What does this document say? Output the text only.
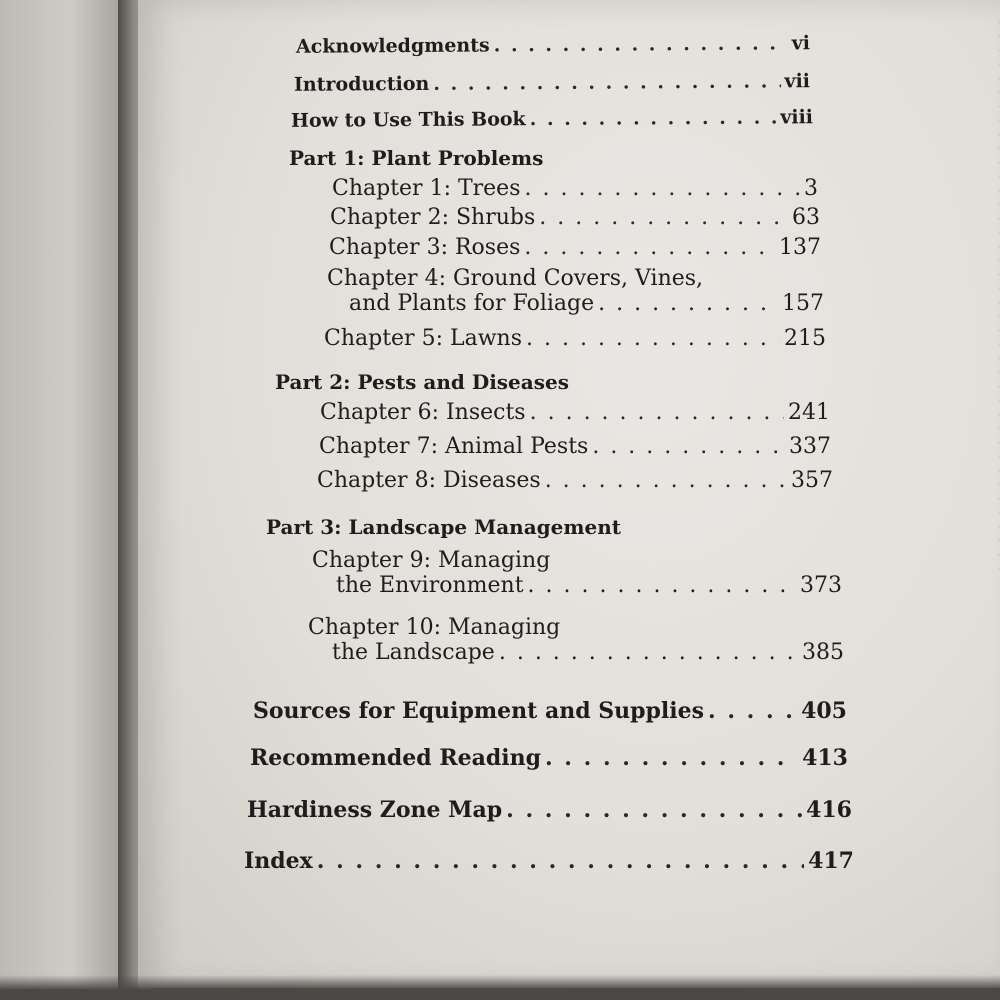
Acknowledgments . . .	vi
Introduction . . .	vii
How to Use This Book . . .	viii
Part 1: Plant Problems
Chapter 1: Trees . . .	3
Chapter 2: Shrubs . . .	63
Chapter 3: Roses . . .	137
Chapter 4: Ground Covers, Vines,
and Plants for Foliage . . .	157
Chapter 5: Lawns . . .	215
Part 2: Pests and Diseases
Chapter 6: Insects . . .	241
Chapter 7: Animal Pests . . .	337
Chapter 8: Diseases . . .	357
Part 3: Landscape Management
Chapter 9: Managing
the Environment . . .	373
Chapter 10: Managing
the Landscape . . .	385
Sources for Equipment and Supplies . . .	405
Recommended Reading . . .	413
Hardiness Zone Map . . .	416
Index . . .	417
